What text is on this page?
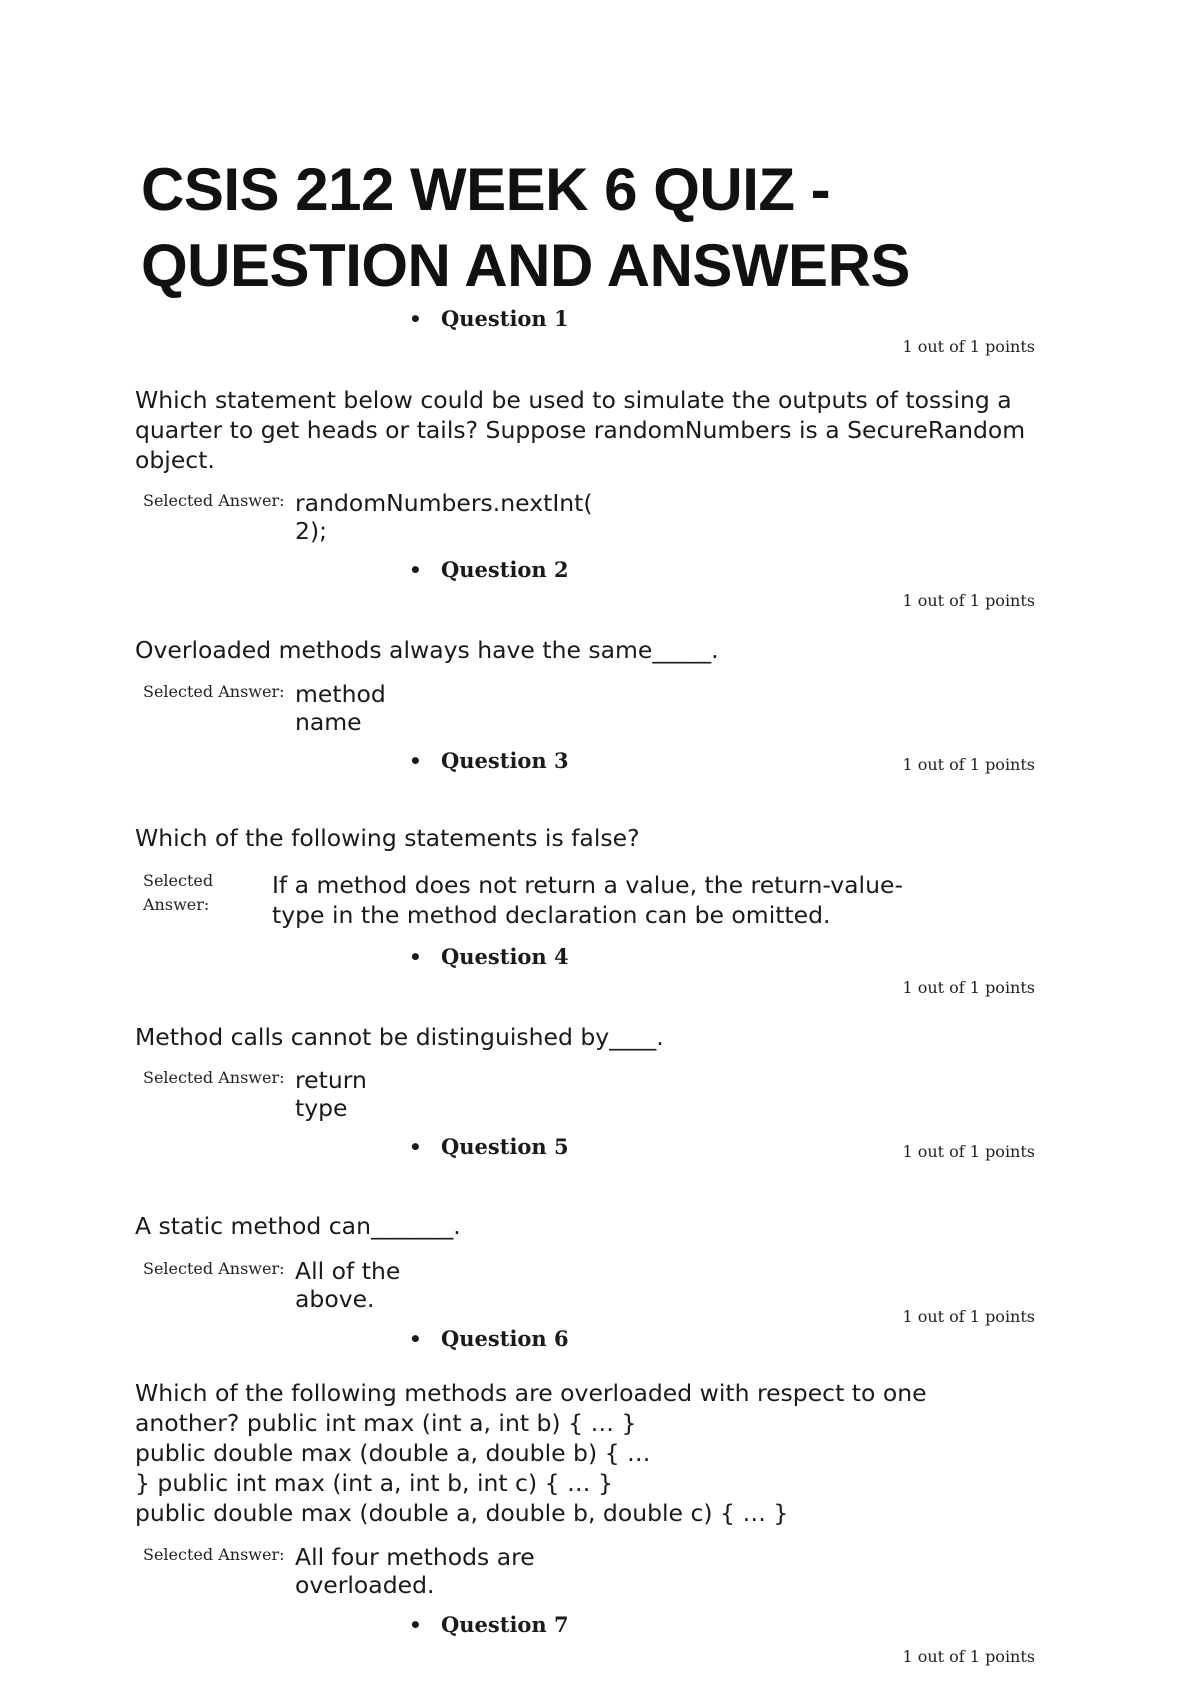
CSIS 212 WEEK 6 QUIZ -
QUESTION AND ANSWERS
• Question 1
1 out of 1 points
Which statement below could be used to simulate the outputs of tossing a
quarter to get heads or tails? Suppose randomNumbers is a SecureRandom
object.
Selected Answer: randomNumbers.nextInt(
2);
• Question 2
1 out of 1 points
Overloaded methods always have the same_____.
Selected Answer: method
name
• Question 3	1 out of 1 points
Which of the following statements is false?
Selected
Answer:
If a method does not return a value, the return-value-
type in the method declaration can be omitted.
• Question 4
1 out of 1 points
Method calls cannot be distinguished by____.
Selected Answer: return
type
• Question 5	1 out of 1 points
A static method can_______.
Selected Answer: All of the
above.
1 out of 1 points
• Question 6
Which of the following methods are overloaded with respect to one
another? public int max (int a, int b) { … }
public double max (double a, double b) { …
} public int max (int a, int b, int c) { … }
public double max (double a, double b, double c) { … }
Selected Answer: All four methods are
overloaded.
• Question 7
1 out of 1 points
